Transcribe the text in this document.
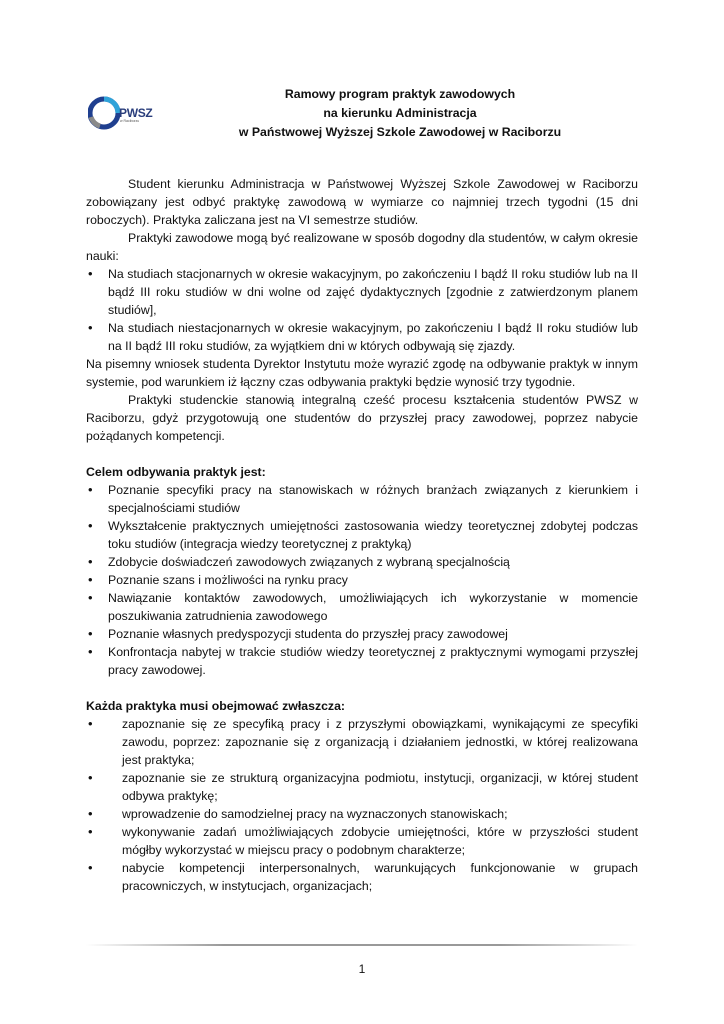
PWSZ
w Raciborzu
Ramowy program praktyk zawodowych
na kierunku Administracja
w Państwowej Wyższej Szkole Zawodowej w Raciborzu

Student kierunku Administracja w Państwowej Wyższej Szkole Zawodowej w Raciborzu zobowiązany jest odbyć praktykę zawodową w wymiarze co najmniej trzech tygodni (15 dni roboczych). Praktyka zaliczana jest na VI semestrze studiów.

Praktyki zawodowe mogą być realizowane w sposób dogodny dla studentów, w całym okresie nauki:

• Na studiach stacjonarnych w okresie wakacyjnym, po zakończeniu I bądź II roku studiów lub na II bądź III roku studiów w dni wolne od zajęć dydaktycznych [zgodnie z zatwierdzonym planem studiów],
• Na studiach niestacjonarnych w okresie wakacyjnym, po zakończeniu I bądź II roku studiów lub na II bądź III roku studiów, za wyjątkiem dni w których odbywają się zjazdy.

Na pisemny wniosek studenta Dyrektor Instytutu może wyrazić zgodę na odbywanie praktyk w innym systemie, pod warunkiem iż łączny czas odbywania praktyki będzie wynosić trzy tygodnie.

Praktyki studenckie stanowią integralną cześć procesu kształcenia studentów PWSZ w Raciborzu, gdyż przygotowują one studentów do przyszłej pracy zawodowej, poprzez nabycie pożądanych kompetencji.

Celem odbywania praktyk jest:
• Poznanie specyfiki pracy na stanowiskach w różnych branżach związanych z kierunkiem i specjalnościami studiów
• Wykształcenie praktycznych umiejętności zastosowania wiedzy teoretycznej zdobytej podczas toku studiów (integracja wiedzy teoretycznej z praktyką)
• Zdobycie doświadczeń zawodowych związanych z wybraną specjalnością
• Poznanie szans i możliwości na rynku pracy
• Nawiązanie kontaktów zawodowych, umożliwiających ich wykorzystanie w momencie poszukiwania zatrudnienia zawodowego
• Poznanie własnych predyspozycji studenta do przyszłej pracy zawodowej
• Konfrontacja nabytej w trakcie studiów wiedzy teoretycznej z praktycznymi wymogami przyszłej pracy zawodowej.
Każda praktyka musi obejmować zwłaszcza:
• zapoznanie się ze specyfiką pracy i z przyszłymi obowiązkami, wynikającymi ze specyfiki zawodu, poprzez: zapoznanie się z organizacją i działaniem jednostki, w której realizowana jest praktyka;
• zapoznanie sie ze strukturą organizacyjna podmiotu, instytucji, organizacji, w której student odbywa praktykę;
• wprowadzenie do samodzielnej pracy na wyznaczonych stanowiskach;
• wykonywanie zadań umożliwiających zdobycie umiejętności, które w przyszłości student mógłby wykorzystać w miejscu pracy o podobnym charakterze;
• nabycie kompetencji interpersonalnych, warunkujących funkcjonowanie w grupach pracowniczych, w instytucjach, organizacjach;
1
